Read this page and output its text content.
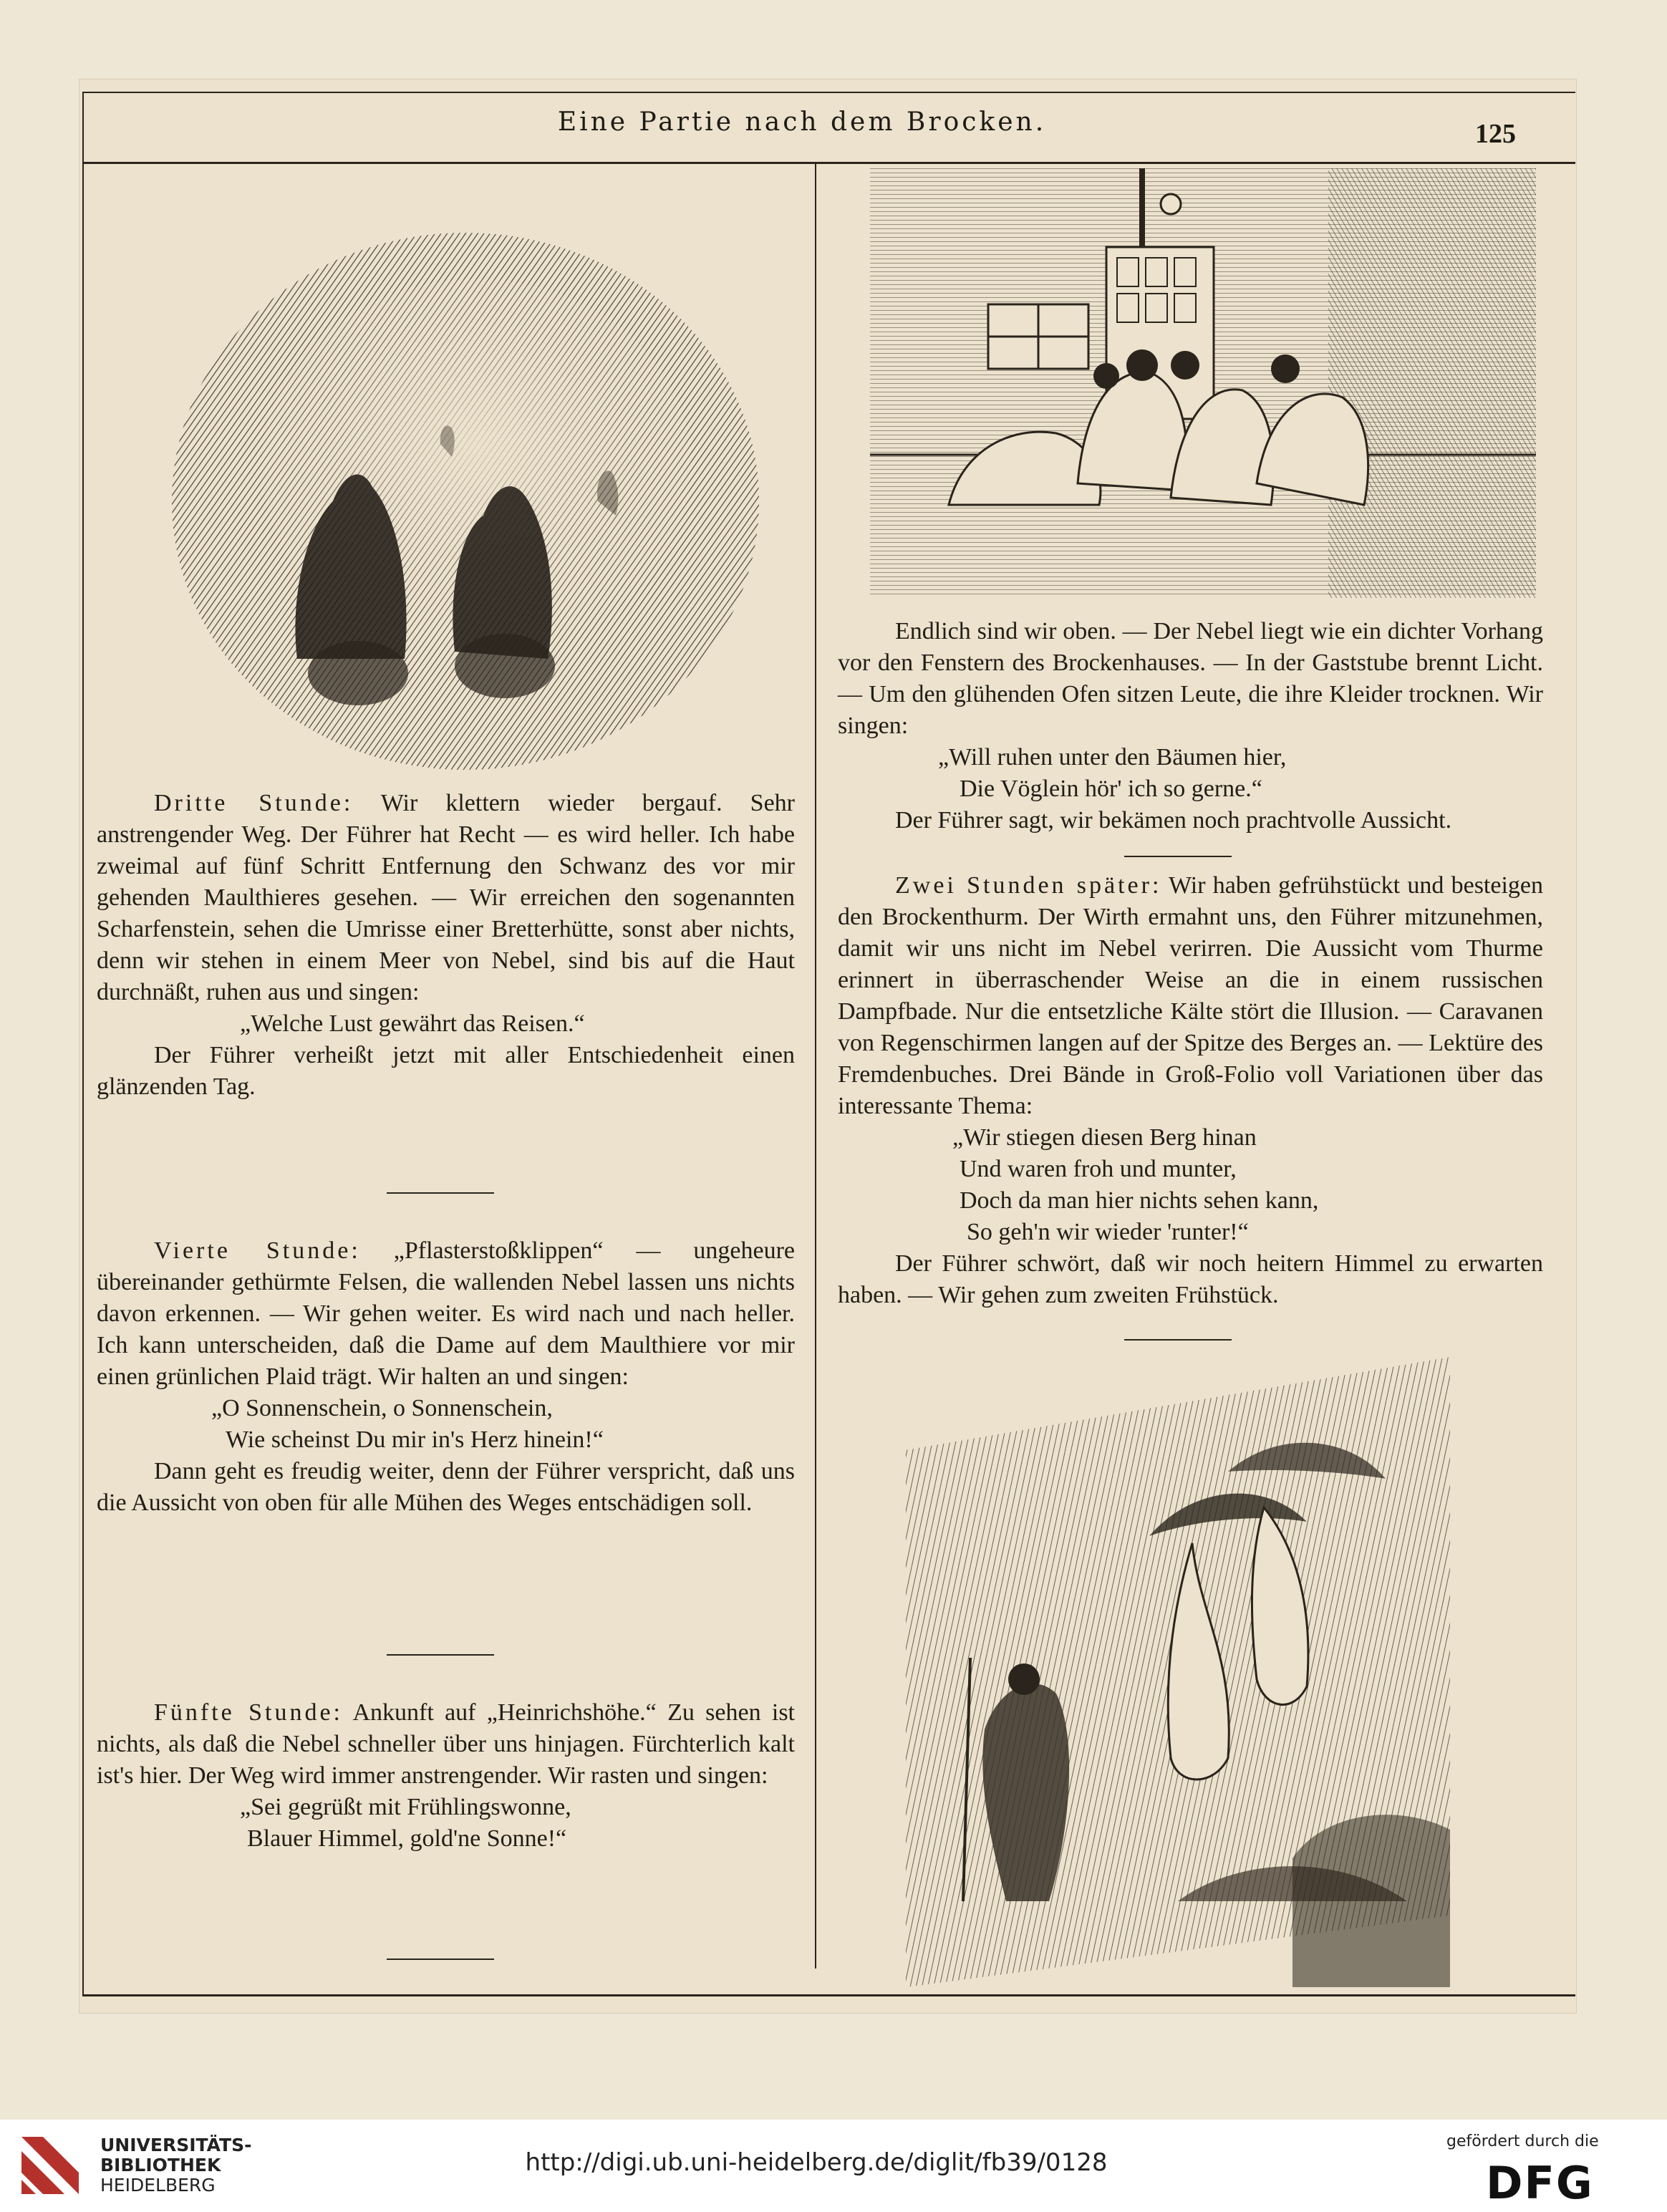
Eine Partie nach dem Brocken.	125

Dritte Stunde: Wir klettern wieder bergauf. Sehr anstrengender Weg. Der Führer hat Recht — es wird heller. Ich habe zweimal auf fünf Schritt Entfernung den Schwanz des vor mir gehenden Maulthieres gesehen. — Wir erreichen den sogenannten Scharfenstein, sehen die Umrisse einer Bretterhütte, sonst aber nichts, denn wir stehen in einem Meer von Nebel, sind bis auf die Haut durchnäßt, ruhen aus und singen:

„Welche Lust gewährt das Reisen.“

Der Führer verheißt jetzt mit aller Entschiedenheit einen glänzenden Tag.

Vierte Stunde: „Pflasterstoßklippen“ — ungeheure übereinander gethürmte Felsen, die wallenden Nebel lassen uns nichts davon erkennen. — Wir gehen weiter. Es wird nach und nach heller. Ich kann unterscheiden, daß die Dame auf dem Maulthiere vor mir einen grünlichen Plaid trägt. Wir halten an und singen:

„O Sonnenschein, o Sonnenschein,
Wie scheinst Du mir in's Herz hinein!“

Dann geht es freudig weiter, denn der Führer verspricht, daß uns die Aussicht von oben für alle Mühen des Weges entschädigen soll.

Fünfte Stunde: Ankunft auf „Heinrichshöhe.“ Zu sehen ist nichts, als daß die Nebel schneller über uns hinjagen. Fürchterlich kalt ist's hier. Der Weg wird immer anstrengender. Wir rasten und singen:

„Sei gegrüßt mit Frühlingswonne,
Blauer Himmel, gold'ne Sonne!“

Endlich sind wir oben. — Der Nebel liegt wie ein dichter Vorhang vor den Fenstern des Brockenhauses. — In der Gaststube brennt Licht. — Um den glühenden Ofen sitzen Leute, die ihre Kleider trocknen. Wir singen:

„Will ruhen unter den Bäumen hier,
Die Vöglein hör' ich so gerne.“

Der Führer sagt, wir bekämen noch prachtvolle Aussicht.

Zwei Stunden später: Wir haben gefrühstückt und besteigen den Brockenthurm. Der Wirth ermahnt uns, den Führer mitzunehmen, damit wir uns nicht im Nebel verirren. Die Aussicht vom Thurme erinnert in überraschender Weise an die in einem russischen Dampfbade. Nur die entsetzliche Kälte stört die Illusion. — Caravanen von Regenschirmen langen auf der Spitze des Berges an. — Lektüre des Fremdenbuches. Drei Bände in Groß-Folio voll Variationen über das interessante Thema:

„Wir stiegen diesen Berg hinan
Und waren froh und munter,
Doch da man hier nichts sehen kann,
So geh'n wir wieder 'runter!“

Der Führer schwört, daß wir noch heitern Himmel zu erwarten haben. — Wir gehen zum zweiten Frühstück.

UNIVERSITÄTS-
BIBLIOTHEK
HEIDELBERG
http://digi.ub.uni-heidelberg.de/diglit/fb39/0128
gefördert durch die
DFG
